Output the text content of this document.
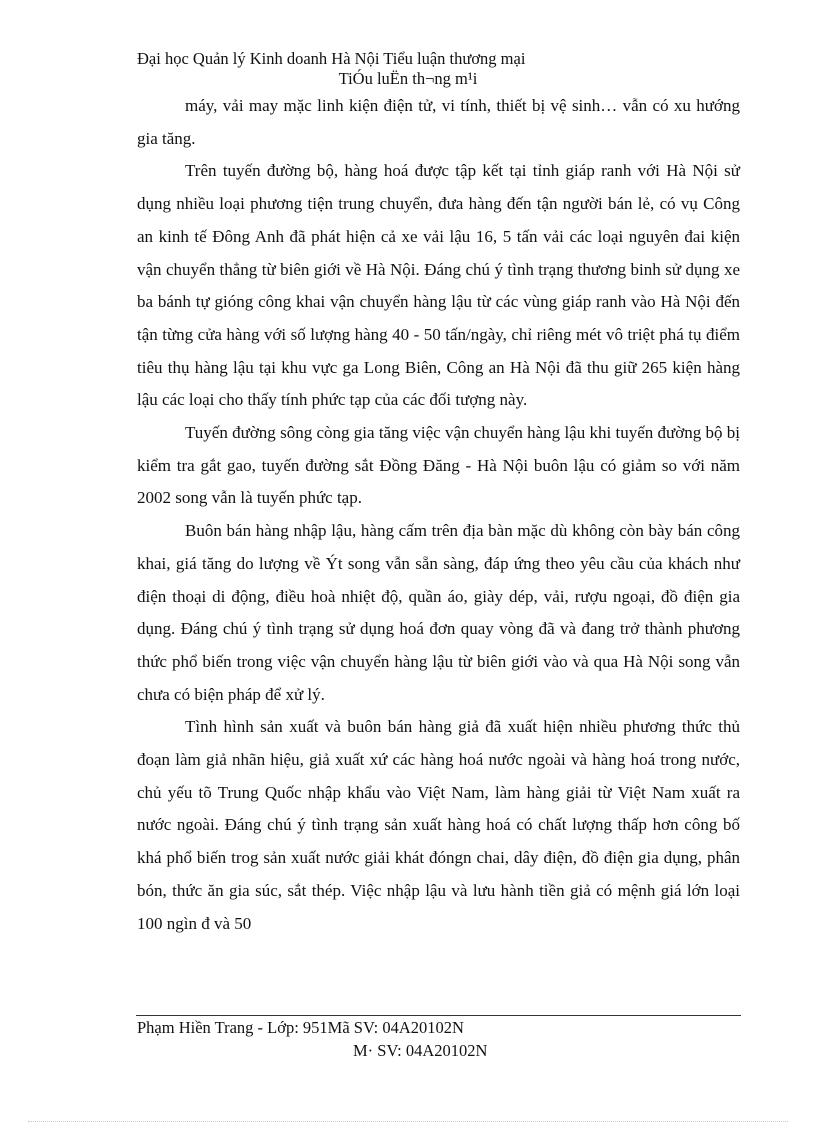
Đại học Quản lý Kinh doanh Hà Nội Tiểu luận thương mại
TiÓu luËn th¬ng m¹i

máy, vải may mặc linh kiện điện tử, vi tính, thiết bị vệ sinh… vẫn có xu hướng gia tăng.

Trên tuyến đường bộ, hàng hoá được tập kết tại tỉnh giáp ranh với Hà Nội sử dụng nhiều loại phương tiện trung chuyển, đưa hàng đến tận người bán lẻ, có vụ Công an kinh tế Đông Anh đã phát hiện cả xe vải lậu 16, 5 tấn vải các loại nguyên đai kiện vận chuyển thẳng từ biên giới về Hà Nội. Đáng chú ý tình trạng thương binh sử dụng xe ba bánh tự gióng công khai vận chuyển hàng lậu từ các vùng giáp ranh vào Hà Nội đến tận từng cửa hàng với số lượng hàng 40 - 50 tấn/ngày, chỉ riêng mét vô triệt phá tụ điểm tiêu thụ hàng lậu tại khu vực ga Long Biên, Công an Hà Nội đã thu giữ 265 kiện hàng lậu các loại cho thấy tính phức tạp của các đối tượng này.

Tuyến đường sông còng gia tăng việc vận chuyển hàng lậu khi tuyến đường bộ bị kiểm tra gắt gao, tuyến đường sắt Đồng Đăng - Hà Nội buôn lậu có giảm so với năm 2002 song vẫn là tuyến phức tạp.

Buôn bán hàng nhập lậu, hàng cấm trên địa bàn mặc dù không còn bày bán công khai, giá tăng do lượng về Ýt song vẫn sẵn sàng, đáp ứng theo yêu cầu của khách như điện thoại di động, điều hoà nhiệt độ, quần áo, giày dép, vải, rượu ngoại, đồ điện gia dụng. Đáng chú ý tình trạng sử dụng hoá đơn quay vòng đã và đang trở thành phương thức phổ biến trong việc vận chuyển hàng lậu từ biên giới vào và qua Hà Nội song vẫn chưa có biện pháp để xử lý.

Tình hình sản xuất và buôn bán hàng giả đã xuất hiện nhiều phương thức thủ đoạn làm giả nhãn hiệu, giả xuất xứ các hàng hoá nước ngoài và hàng hoá trong nước, chủ yếu tõ Trung Quốc nhập khẩu vào Việt Nam, làm hàng giải từ Việt Nam xuất ra nước ngoài. Đáng chú ý tình trạng sản xuất hàng hoá có chất lượng thấp hơn công bố khá phổ biến trog sản xuất nước giải khát đóngn chai, dây điện, đồ điện gia dụng, phân bón, thức ăn gia súc, sắt thép. Việc nhập lậu và lưu hành tiền giả có mệnh giá lớn loại 100 ngìn đ và 50

Phạm Hiền Trang - Lớp: 951Mã SV: 04A20102N
M· SV: 04A20102N
